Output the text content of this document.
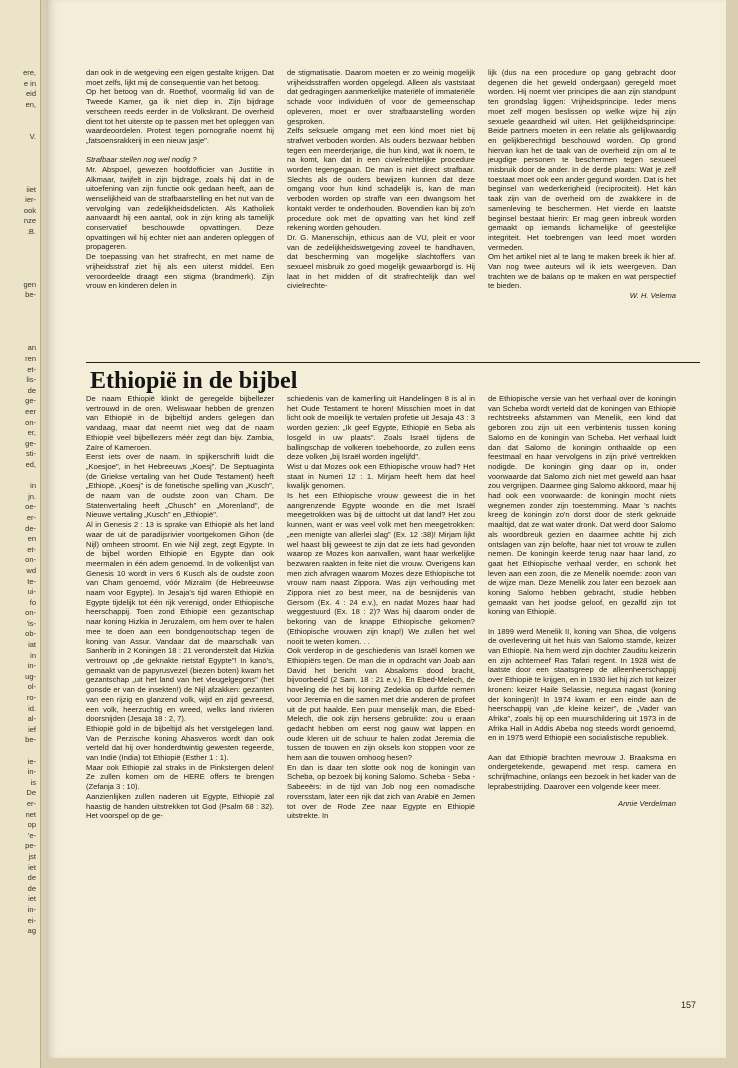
ere,
e in
eid
en,

V.

iiet
ier-
ook
nze
.B.

gen
be-

an
ren
et-
lis-
de
ge-
eer
on-
er,
ge-
sti-
ed,

in
jn.
oe-
er-
de-
en
et-
on-
wd
te-
ui-
fo
on-
'is-
ob-
iat
in
in-
ug-
ol-
ro-
id.
al-
ief
be-

ie-
in-
is
De
er-
net
op
'e-
pe-
jst
iet
de
de
iet
in-
ei-
ag

dan ook in de wetgeving een eigen gestalte krijgen. Dat moet zelfs, lijkt mij de consequentie van het betoog.

Op het betoog van dr. Roethof, voormalig lid van de Tweede Kamer, ga ik niet diep in. Zijn bijdrage verscheen reeds eerder in de Volkskrant. De overheid dient tot het uiterste op te passen met het opleggen van waardeoordelen. Protest tegen pornografie noemt hij „fatsoensrakkerij in een nieuw jasje".

Strafbaar stellen nog wel nodig ?

Mr. Abspoel, gewezen hoofdofficier van Justitie in Alkmaar, twijfelt in zijn bijdrage, zoals hij dat in de uitoefening van zijn functie ook gedaan heeft, aan de wenselijkheid van de strafbaarstelling en het nut van de vervolging van zedelijkheidsdelicten. Als Katholiek aanvaardt hij een aantal, ook in zijn kring als tamelijk conservatief beschouwde opvattingen. Deze opvattingen wil hij echter niet aan anderen opleggen of propageren.

De toepassing van het strafrecht, en met name de vrijheidsstraf ziet hij als een uiterst middel. Een veroordeelde draagt een stigma (brandmerk). Zijn vrouw en kinderen delen in

de stigmatisatie. Daarom moeten er zo weinig mogelijk vrijheidsstraffen worden opgelegd. Alleen als vaststaat dat gedragingen aanmerkelijke materiële of immateriële schade voor individuën of voor de gemeenschap opleveren, moet er over strafbaarstelling worden gesproken.

Zelfs seksuele omgang met een kind moet niet bij strafwet verboden worden. Als ouders bezwaar hebben tegen een meerderjarige, die hun kind, wat ik noem, te na komt, kan dat in een civielrechtelijke procedure worden tegengegaan. De man is niet direct strafbaar. Slechts als de ouders bewijzen kunnen dat deze omgang voor hun kind schadelijk is, kan de man verboden worden op straffe van een dwangsom het kontakt verder te onderhouden. Bovendien kan bij zo'n procedure ook met de opvatting van het kind zelf rekening worden gehouden.

Dr. G. Manenschijn, ethicus aan de VU, pleit er voor van de zedelijkheidswetgeving zoveel te handhaven, dat bescherming van mogelijke slachtoffers van sexueel misbruik zo goed mogelijk gewaarborgd is. Hij laat in het midden of dit strafrechtelijk dan wel civielrechte-

lijk (dus na een procedure op gang gebracht door degenen die het geweld ondergaan) geregeld moet worden. Hij noemt vier principes die aan zijn standpunt ten grondslag liggen: Vrijheidsprincipe. Ieder mens moet zelf mogen beslissen op welke wijze hij zijn sexuele geaardheid wil uiten. Het gelijkheidsprincipe: Beide partners moeten in een relatie als gelijkwaardig en gelijkberechtigd beschouwd worden. Op grond hiervan kan het de taak van de overheid zijn om al te jeugdige personen te beschermen tegen sexueel misbruik door de ander. In de derde plaats: Wat je zelf toestaat moet ook een ander gegund worden. Dat is het beginsel van wederkerigheid (reciprociteit). Het kán taak zijn van de overheid om de zwakkere in de samenleving te beschermen. Het vierde en laatste beginsel bestaat hierin: Er mag geen inbreuk worden gemaakt op iemands lichamelijke of geestelijke integriteit. Het toebrengen van leed moet worden vermeden.

Om het artikel niet al te lang te maken breek ik hier af. Van nog twee auteurs wil ik iets weergeven. Dan trachten we de balans op te maken en wat perspectief te bieden.

W. H. Velema

Ethiopië in de bijbel

De naam Ethiopië klinkt de geregelde bijbellezer vertrouwd in de oren. Weliswaar hebben de grenzen van Ethiopië in de bijbeltijd anders gelegen dan vandaag, maar dat neemt niet weg dat de naam Ethiopië veel bijbellezers méér zegt dan bijv. Zambia, Zaïre of Kameroen.

Eerst iets over de naam. In spijkerschrift luidt die „Koesjoe", in het Hebreeuws „Koesj". De Septuaginta (de Griekse vertaling van het Oude Testament) heeft „Ethiopë. „Koesj" is de fonetische spelling van „Kusch", de naam van de oudste zoon van Cham. De Statenvertaling heeft „Chusch" en „Morenland", de Nieuwe vertaling „Kusch" en „Ethiopië".

Al in Genesis 2 : 13 is sprake van Ethiopië als het land waar de uit de paradijsrivier voortgekomen Gihon (de Nijl) omheen stroomt. En wie Nijl zegt, zegt Egypte. In de bijbel worden Ethiopië en Egypte dan ook meermalen in één adem genoemd. In de volkenlijst van Genesis 10 wordt in vers 6 Kusch als de oudste zoon van Cham genoemd, vóór Mizraïm (de Hebreeuwse naam voor Egypte). In Jesaja's tijd waren Ethiopië en Egypte tijdelijk tot één rijk verenigd, onder Ethiopische heerschappij. Toen zond Ethiopië een gezantschap naar koning Hizkia in Jeruzalem, om hem over te halen mee te doen aan een bondgenootschap tegen de koning van Assur. Vandaar dat de maarschalk van Sanherib in 2 Koningen 18 : 21 veronderstelt dat Hizkia vertrouwt op „de geknakte rietstaf Egypte"! In kano's, gemaakt van de papyrusvezel (biezen boten) kwam het gezantschap „uit het land van het vleugelgegons" (het gonsde er van de insekten!) de Nijl afzakken: gezanten van een rijzig en glanzend volk, wijd en zijd gevreesd, een volk, heerzuchtig en wreed, welks land rivieren doorsnijden (Jesaja 18 : 2, 7).

Ethiopië gold in de bijbeltijd als het verstgelegen land. Van de Perzische koning Ahasveros wordt dan ook verteld dat hij over honderdtwintig gewesten regeerde, van Indië (India) tot Ethiopië (Esther 1 : 1).

Maar ook Ethiopië zal straks in de Pinkstergen delen! Ze zullen komen om de HERE offers te brengen (Zefanja 3 : 10).

Aanzienlijken zullen naderen uit Egypte, Ethiopië zal haastig de handen uitstrekken tot God (Psalm 68 : 32). Het voorspel op de ge-

schiedenis van de kamerling uit Handelingen 8 is al in het Oude Testament te horen! Misschien moet in dat licht ook de moeilijk te vertalen profetie uit Jesaja 43 : 3 worden gezien: „Ik geef Egypte, Ethiopië en Seba als losgeld in uw plaats". Zoals Israël tijdens de ballingschap de volkeren toebehoorde, zo zullen eens deze volken „bij Israël worden ingelijfd".

Wist u dat Mozes ook een Ethiopische vrouw had? Het staat in Numeri 12 : 1. Mirjam heeft hem dat heel kwalijk genomen.

Is het een Ethiopische vrouw geweest die in het aangrenzende Egypte woonde en die met Israël meegetrokken was bij de uittocht uit dat land? Het zou kunnen, want er was veel volk met hen meegetrokken: „een menigte van allerlei slag" (Ex. 12 :38)! Mirjam lijkt wel haast blij geweest te zijn dat ze iets had gevonden waarop ze Mozes kon aanvallen, want haar werkelijke bezwaren raakten in feite niet die vrouw. Overigens kan men zich afvragen waarom Mozes deze Ethiopische tot vrouw nam naast Zippora. Was zijn verhouding met Zippora niet zo best meer, na de besnijdenis van Gersom (Ex. 4 : 24 e.v.), en nadat Mozes haar had weggestuurd (Ex. 18 : 2)? Was hij daarom onder de bekoring van de knappe Ethiopische gekomen? (Ethiopische vrouwen zijn knap!) We zullen het wel nooit te weten komen. . .

Ook verderop in de geschiedenis van Israël komen we Ethiopiërs tegen. De man die in opdracht van Joab aan David het bericht van Absaloms dood bracht, bijvoorbeeld (2 Sam. 18 : 21 e.v.). En Ebed-Melech, de hoveling die het bij koning Zedekia op durfde nemen voor Jeremia en die samen met drie anderen de profeet uit de put haalde. Een puur menselijk man, die Ebed-Melech, die ook zijn hersens gebruikte: zou u eraan gedacht hebben om eerst nog gauw wat lappen en oude kleren uit de schuur te halen zodat Jeremia die tussen de touwen en zijn oksels kon stoppen voor ze hem aan die touwen omhoog hesen?

En dan is daar ten slotte ook nog de koningin van Scheba, op bezoek bij koning Salomo. Scheba - Seba - Sabeeërs: in de tijd van Job nog een nomadische roversstam, later een rijk dat zich van Arabië en Jemen tot over de Rode Zee naar Egypte en Ethiopië uitstrekte. In

de Ethiopische versie van het verhaal over de koningin van Scheba wordt verteld dat de koningen van Ethiopië rechtstreeks afstammen van Menelik, een kind dat geboren zou zijn uit een verbintenis tussen koning Salomo en de koningin van Scheba. Het verhaal luidt dan dat Salomo de koningin onthaalde op een feestmaal en haar vervolgens in zijn privé vertrekken nodigde. De koningin ging daar op in, onder voorwaarde dat Salomo zich niet met geweld aan haar zou vergrijpen. Daarmee ging Salomo akkoord, maar hij had ook een voorwaarde: de koningin mocht niets wegnemen zonder zijn toestemming. Maar 's nachts kreeg de koningin zo'n dorst door de sterk gekruide maaltijd, dat ze wat water dronk. Dat werd door Salomo als woordbreuk gezien en daarmee achtte hij zich ontslagen van zijn belofte, haar niet tot vrouw te zullen nemen. De koningin keerde terug naar haar land, zo gaat het Ethiopische verhaal verder, en schonk het leven aan een zoon, die ze Menelik noemde: zoon van de wijze man. Deze Menelik zou later een bezoek aan koning Salomo hebben gebracht, studie hebben gemaakt van het joodse geloof, en gezalfd zijn tot koning van Ethiopië.

In 1899 werd Menelik II, koning van Shoa, die volgens de overlevering uit het huis van Salomo stamde, keizer van Ethiopië. Na hem werd zijn dochter Zauditu keizerin en zijn achterneef Ras Tafari regent. In 1928 wist de laatste door een staatsgreep de alleenheerschappij over Ethiopië te krijgen, en in 1930 liet hij zich tot keizer kronen: keizer Haile Selassie, negusa nagast (koning der koningen)! In 1974 kwam er een einde aan de heerschappij van „de kleine keizer", de „Vader van Afrika", zoals hij op een muurschildering uit 1973 in de Afrika Hall in Addis Abeba nog steeds wordt genoemd, en in 1975 werd Ethiopië een socialistische republiek.

Aan dat Ethiopië brachten mevrouw J. Braaksma en ondergetekende, gewapend met resp. camera en schrijfmachine, onlangs een bezoek in het kader van de leprabestrijding. Daarover een volgende keer meer.

Annie Verdelman

157
